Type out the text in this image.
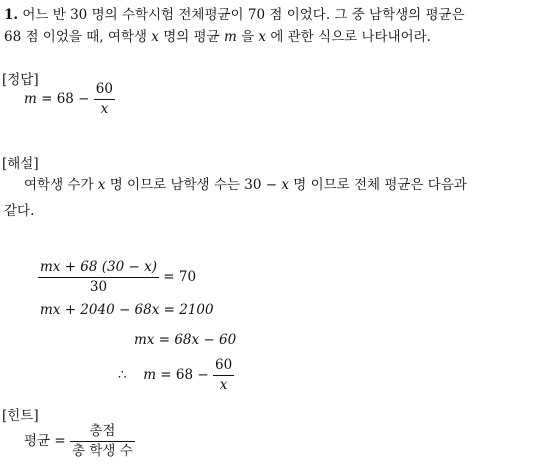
1. 어느 반 30 명의 수학시험 전체평균이 70 점 이었다. 그 중 남학생의 평균은
68 점 이었을 때, 여학생 x 명의 평균 m 을 x 에 관한 식으로 나타내어라.
[정답]
$m = 68 - \frac{60}{x}$
[해설]
여학생 수가 x 명 이므로 남학생 수는 30 − x 명 이므로 전체 평균은 다음과
같다.
$\frac{mx + 68 (30 - x)}{30} = 70$
mx + 2040 − 68x = 2100
mx = 68x − 60
∴ $m = 68 - \frac{60}{x}$
[힌트]
평균 = $\frac{\text{총점}}{\text{총 학생 수}}$
